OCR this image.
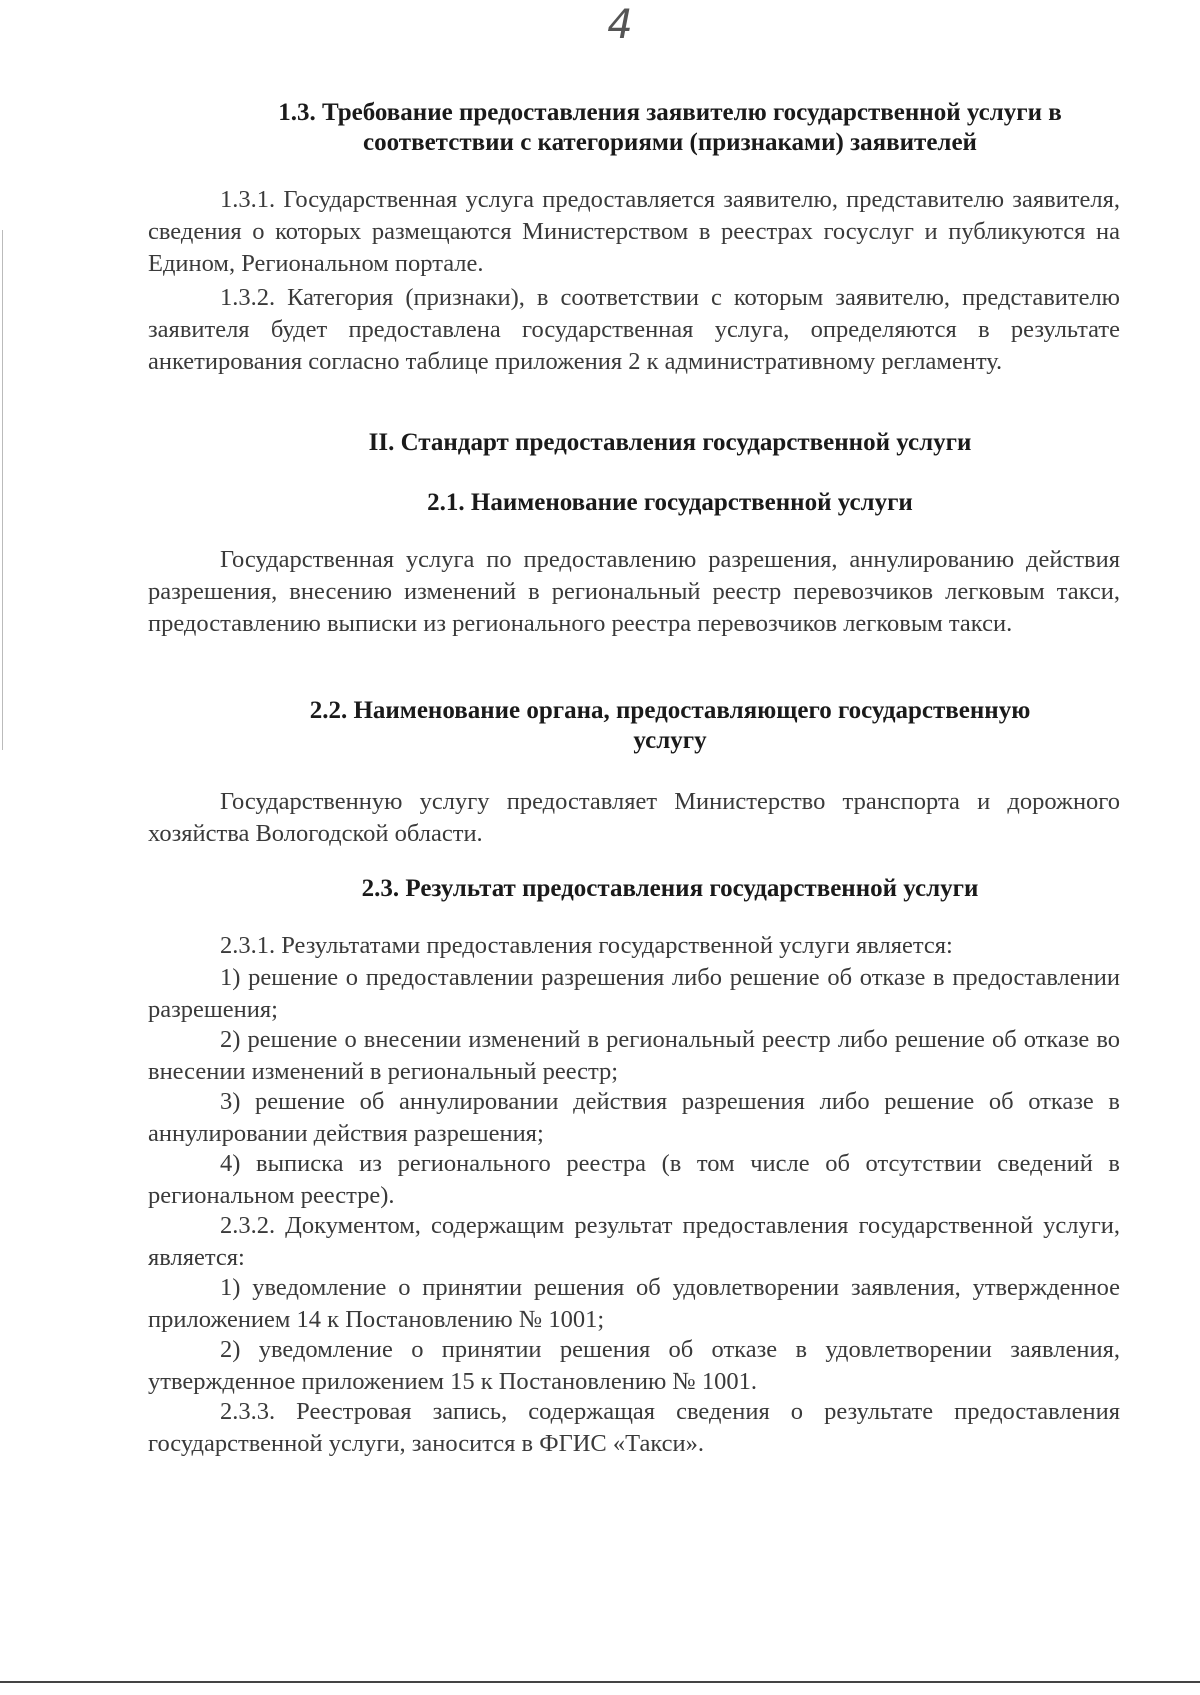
4
1.3. Требование предоставления заявителю государственной услуги в
соответствии с категориями (признаками) заявителей
1.3.1. Государственная услуга предоставляется заявителю, представителю заявителя, сведения о которых размещаются Министерством в реестрах госуслуг и публикуются на Едином, Региональном портале.
1.3.2. Категория (признаки), в соответствии с которым заявителю, представителю заявителя будет предоставлена государственная услуга, определяются в результате анкетирования согласно таблице приложения 2 к административному регламенту.
II. Стандарт предоставления государственной услуги
2.1. Наименование государственной услуги
Государственная услуга по предоставлению разрешения, аннулированию действия разрешения, внесению изменений в региональный реестр перевозчиков легковым такси, предоставлению выписки из регионального реестра перевозчиков легковым такси.
2.2. Наименование органа, предоставляющего государственную
услугу
Государственную услугу предоставляет Министерство транспорта и дорожного хозяйства Вологодской области.
2.3. Результат предоставления государственной услуги
2.3.1. Результатами предоставления государственной услуги является:
1) решение о предоставлении разрешения либо решение об отказе в предоставлении разрешения;
2) решение о внесении изменений в региональный реестр либо решение об отказе во внесении изменений в региональный реестр;
3) решение об аннулировании действия разрешения либо решение об отказе в аннулировании действия разрешения;
4) выписка из регионального реестра (в том числе об отсутствии сведений в региональном реестре).
2.3.2. Документом, содержащим результат предоставления государственной услуги, является:
1) уведомление о принятии решения об удовлетворении заявления, утвержденное приложением 14 к Постановлению № 1001;
2) уведомление о принятии решения об отказе в удовлетворении заявления, утвержденное приложением 15 к Постановлению № 1001.
2.3.3. Реестровая запись, содержащая сведения о результате предоставления государственной услуги, заносится в ФГИС «Такси».
